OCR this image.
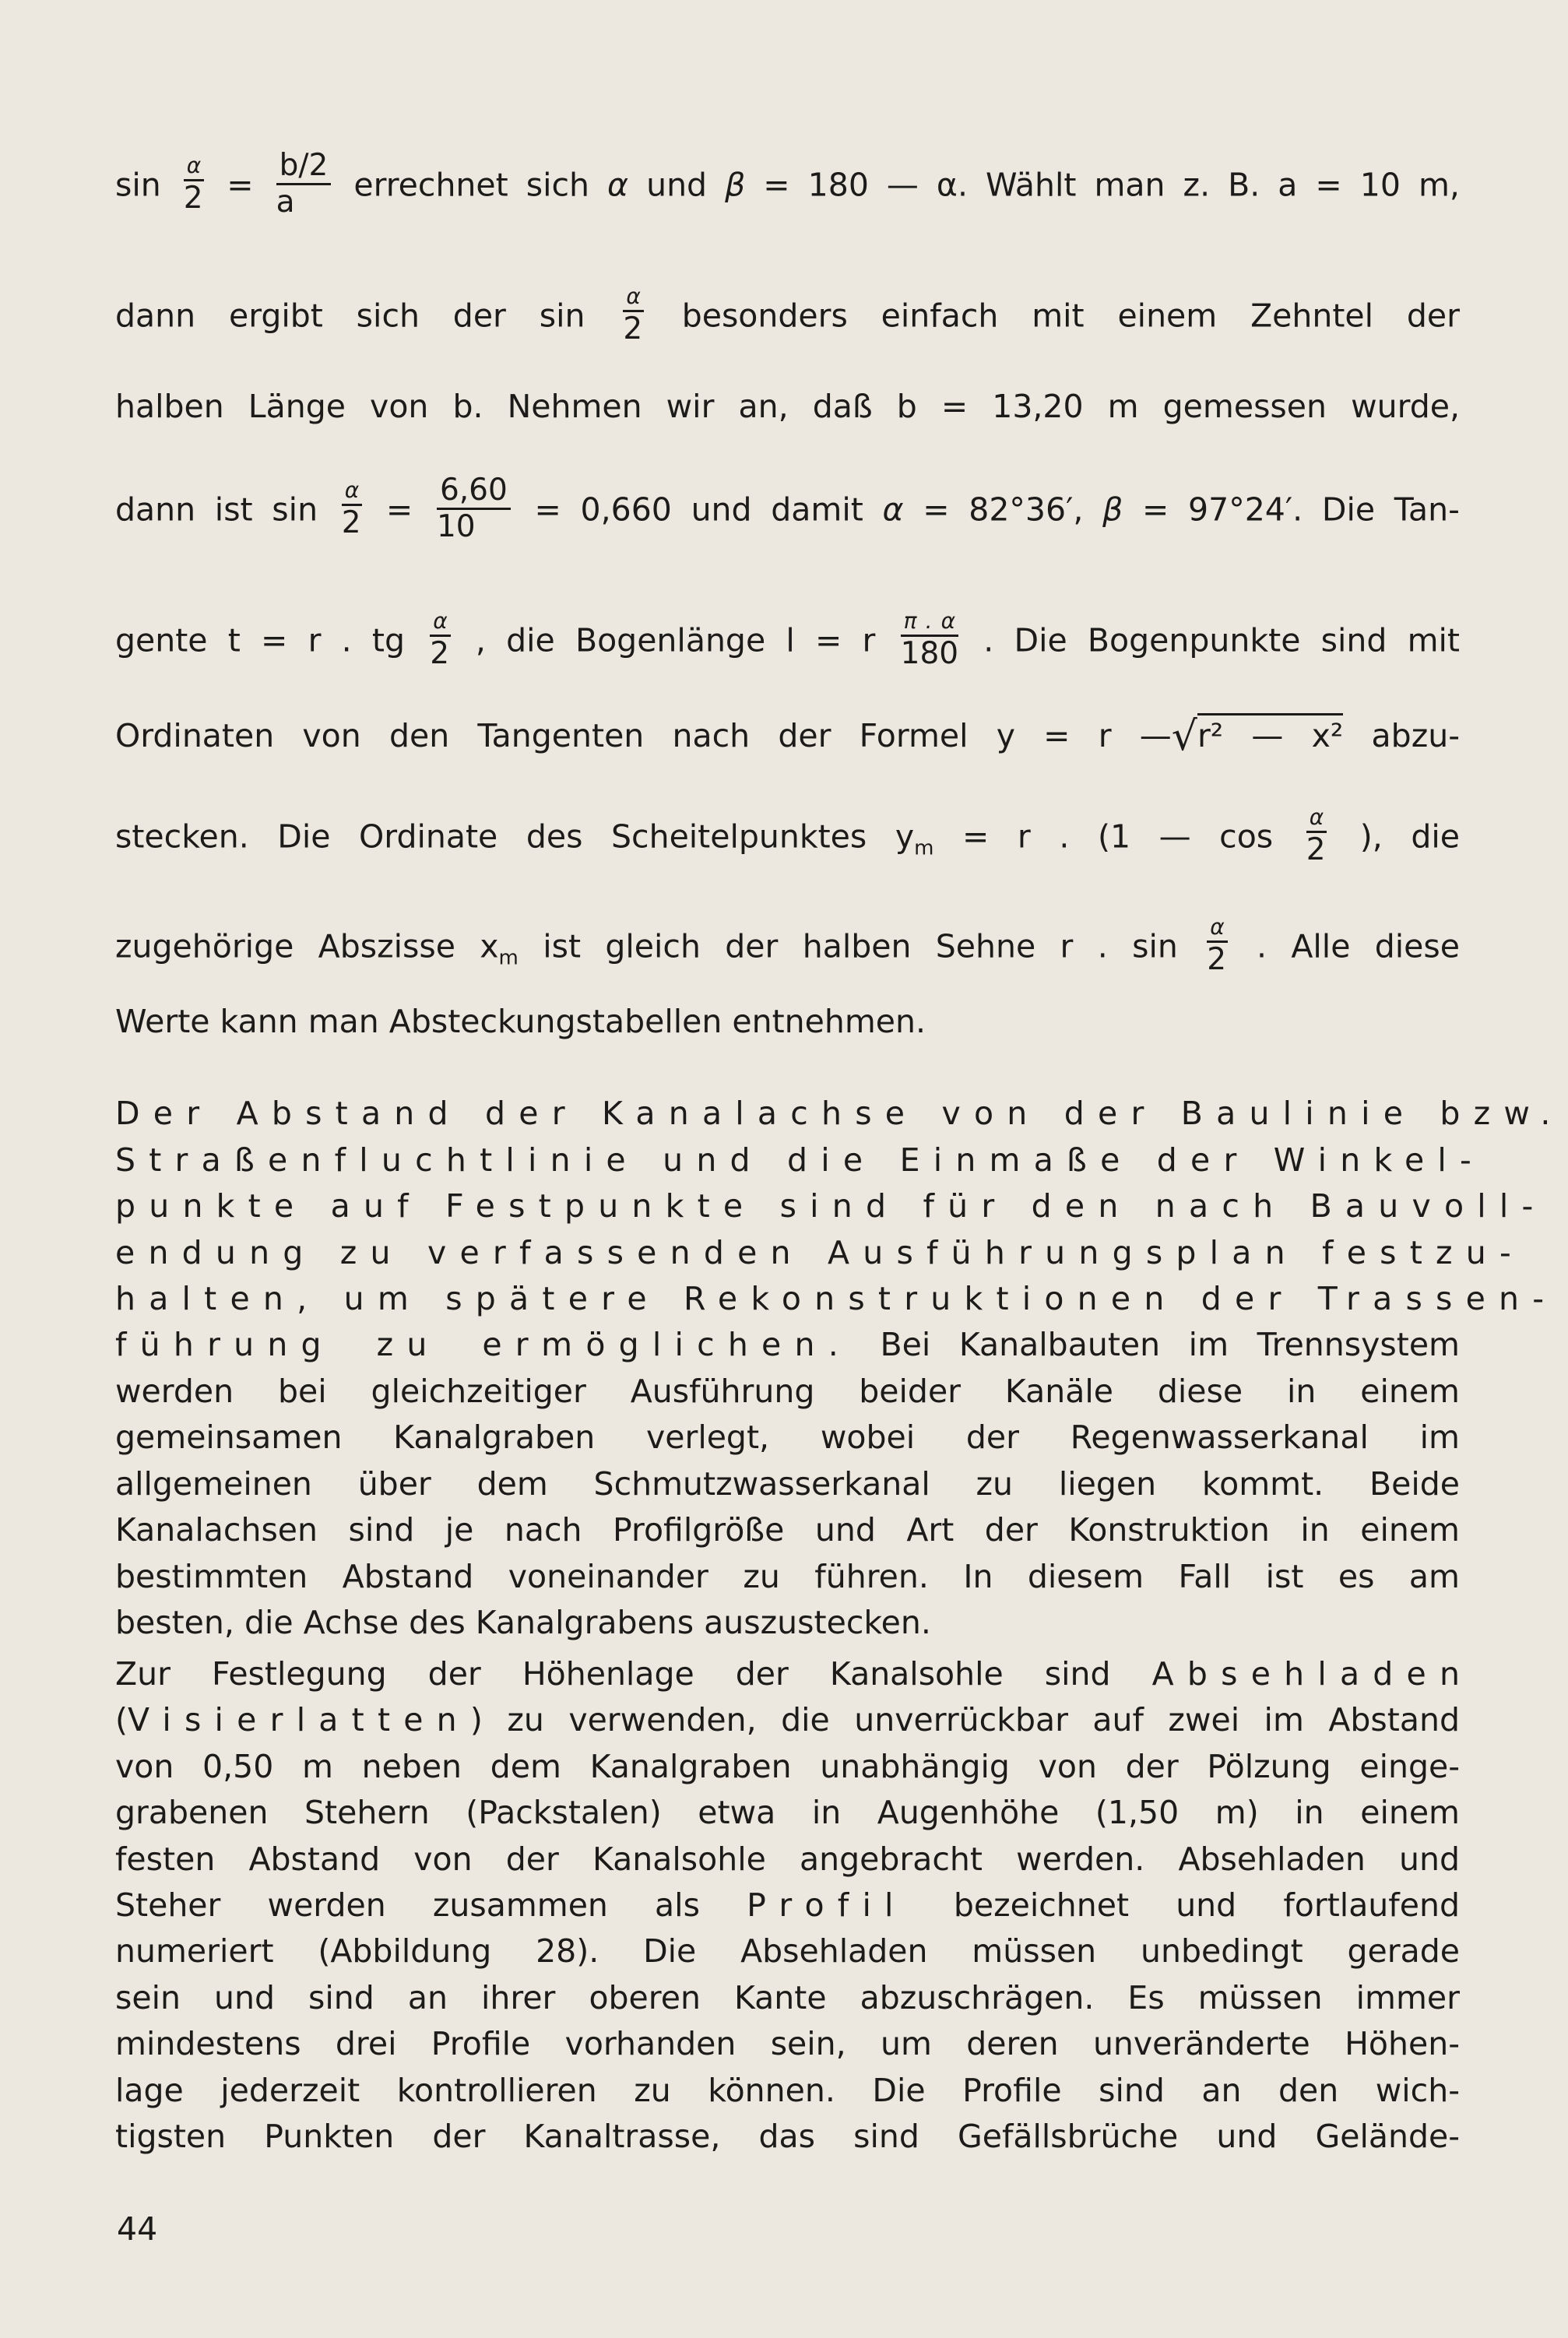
$\sin \frac{\alpha}{2} = \frac{b/2}{a}$ errechnet sich α und β = 180 — α. Wählt man z. B. a = 10 m,
dann ergibt sich der $\sin \frac{\alpha}{2}$ besonders einfach mit einem Zehntel der
halben Länge von b. Nehmen wir an, daß b = 13,20 m gemessen wurde,
dann ist $\sin \frac{\alpha}{2} = \frac{6,60}{10} = 0,660$ und damit α = 82°36′, β = 97°24′. Die Tan-
gente t = r . tg $\frac{\alpha}{2}$ , die Bogenlänge l = r $\frac{\pi . \alpha}{180}$ . Die Bogenpunkte sind mit
Ordinaten von den Tangenten nach der Formel y = r —√r² — x² abzu-
stecken. Die Ordinate des Scheitelpunktes $y_m = r$ . (1 — $\cos \frac{\alpha}{2}$ ), die
zugehörige Abszisse $x_m$ ist gleich der halben Sehne r . $\sin \frac{\alpha}{2}$ . Alle diese
Werte kann man Absteckungstabellen entnehmen.
Der Abstand der Kanalachse von der Baulinie bzw.
Straßenfluchtlinie und die Einmaße der Winkel-
punkte auf Festpunkte sind für den nach Bauvoll-
endung zu verfassenden Ausführungsplan festzu-
halten, um spätere Rekonstruktionen der Trassen-
führung zu ermöglichen. Bei Kanalbauten im Trennsystem
werden bei gleichzeitiger Ausführung beider Kanäle diese in einem
gemeinsamen Kanalgraben verlegt, wobei der Regenwasserkanal im
allgemeinen über dem Schmutzwasserkanal zu liegen kommt. Beide
Kanalachsen sind je nach Profilgröße und Art der Konstruktion in einem
bestimmten Abstand voneinander zu führen. In diesem Fall ist es am
besten, die Achse des Kanalgrabens auszustecken.
Zur Festlegung der Höhenlage der Kanalsohle sind Absehladen
(Visierlatten) zu verwenden, die unverrückbar auf zwei im Abstand
von 0,50 m neben dem Kanalgraben unabhängig von der Pölzung einge-
grabenen Stehern (Packstalen) etwa in Augenhöhe (1,50 m) in einem
festen Abstand von der Kanalsohle angebracht werden. Absehladen und
Steher werden zusammen als Profil bezeichnet und fortlaufend
numeriert (Abbildung 28). Die Absehladen müssen unbedingt gerade
sein und sind an ihrer oberen Kante abzuschrägen. Es müssen immer
mindestens drei Profile vorhanden sein, um deren unveränderte Höhen-
lage jederzeit kontrollieren zu können. Die Profile sind an den wich-
tigsten Punkten der Kanaltrasse, das sind Gefällsbrüche und Gelände-
44
